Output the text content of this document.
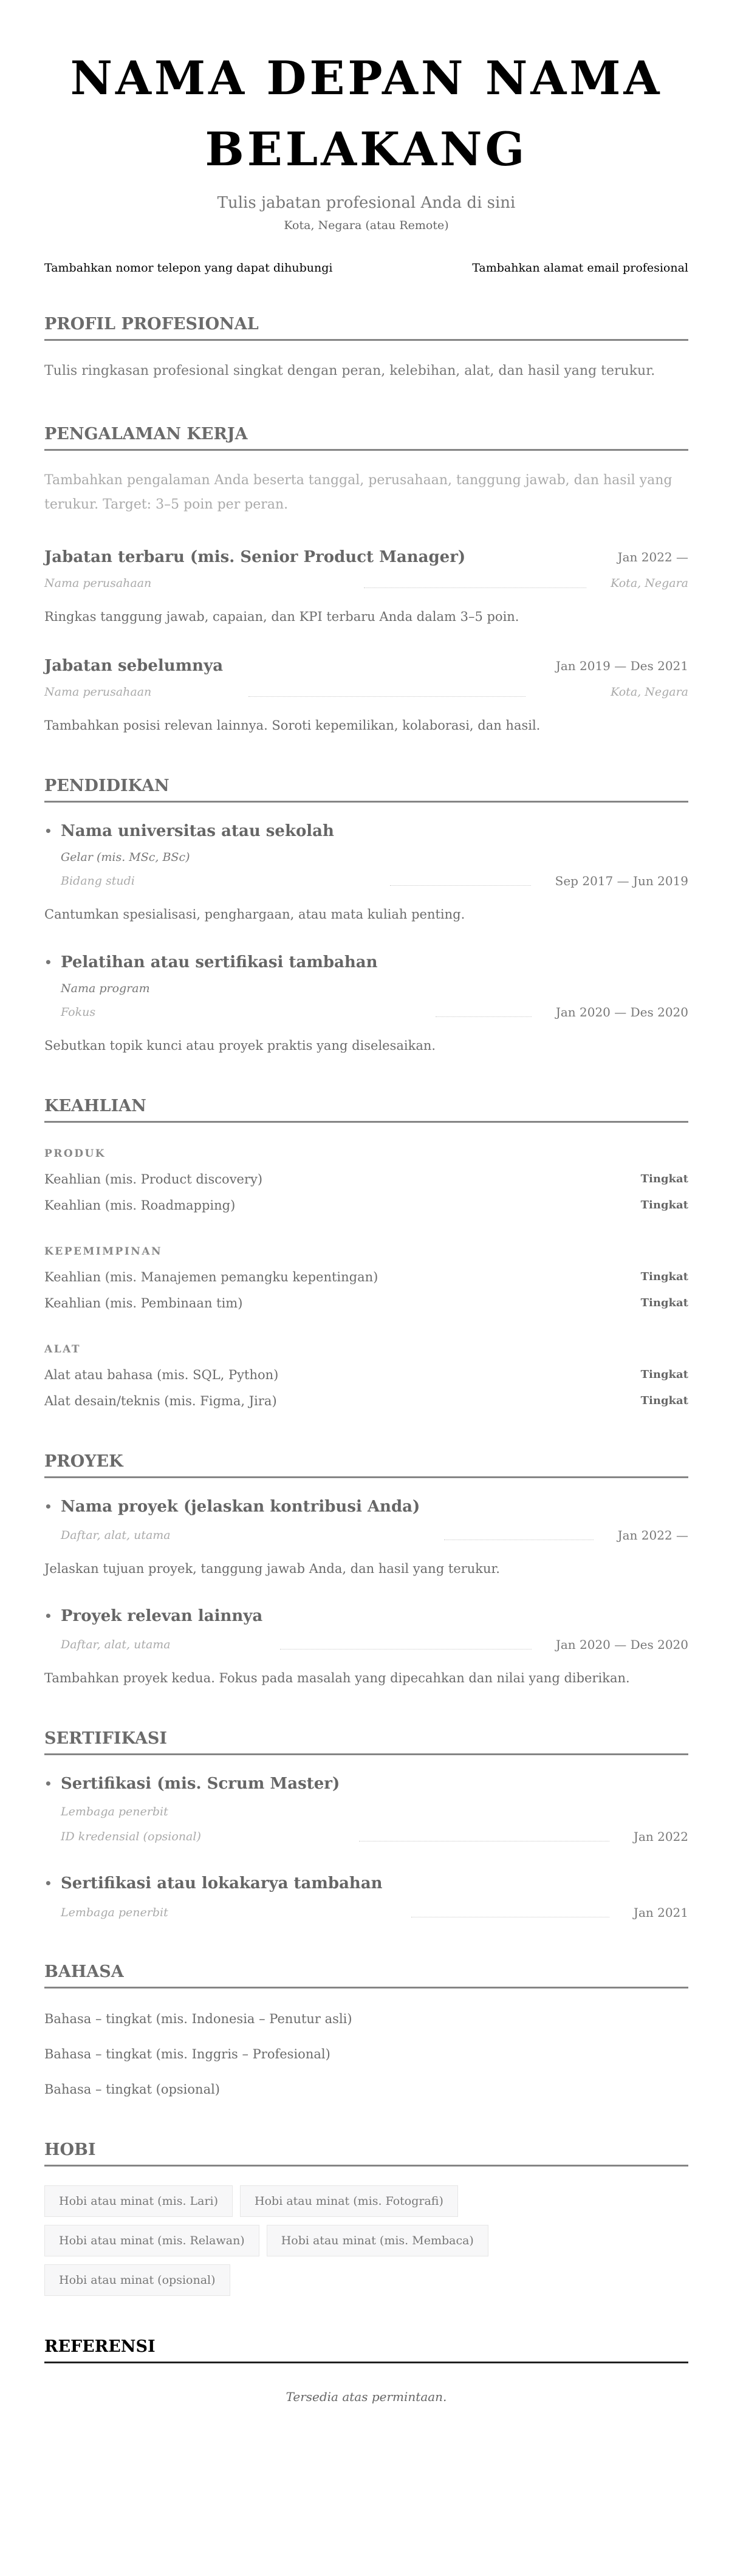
NAMA DEPAN NAMA BELAKANG
Tulis jabatan profesional Anda di sini
Kota, Negara (atau Remote)
Tambahkan nomor telepon yang dapat dihubungi	Tambahkan alamat email profesional
PROFIL PROFESIONAL
Tulis ringkasan profesional singkat dengan peran, kelebihan, alat, dan hasil yang terukur.
PENGALAMAN KERJA
Tambahkan pengalaman Anda beserta tanggal, perusahaan, tanggung jawab, dan hasil yang terukur. Target: 3–5 poin per peran.
Jabatan terbaru (mis. Senior Product Manager)	Jan 2022 —
Nama perusahaan	Kota, Negara
Ringkas tanggung jawab, capaian, dan KPI terbaru Anda dalam 3–5 poin.
Jabatan sebelumnya	Jan 2019 — Des 2021
Nama perusahaan	Kota, Negara
Tambahkan posisi relevan lainnya. Soroti kepemilikan, kolaborasi, dan hasil.
PENDIDIKAN
• Nama universitas atau sekolah
Gelar (mis. MSc, BSc)
Bidang studi	Sep 2017 — Jun 2019
Cantumkan spesialisasi, penghargaan, atau mata kuliah penting.
• Pelatihan atau sertifikasi tambahan
Nama program
Fokus	Jan 2020 — Des 2020
Sebutkan topik kunci atau proyek praktis yang diselesaikan.
KEAHLIAN
PRODUK
Keahlian (mis. Product discovery)	Tingkat
Keahlian (mis. Roadmapping)	Tingkat
KEPEMIMPINAN
Keahlian (mis. Manajemen pemangku kepentingan)	Tingkat
Keahlian (mis. Pembinaan tim)	Tingkat
ALAT
Alat atau bahasa (mis. SQL, Python)	Tingkat
Alat desain/teknis (mis. Figma, Jira)	Tingkat
PROYEK
• Nama proyek (jelaskan kontribusi Anda)
Daftar, alat, utama	Jan 2022 —
Jelaskan tujuan proyek, tanggung jawab Anda, dan hasil yang terukur.
• Proyek relevan lainnya
Daftar, alat, utama	Jan 2020 — Des 2020
Tambahkan proyek kedua. Fokus pada masalah yang dipecahkan dan nilai yang diberikan.
SERTIFIKASI
• Sertifikasi (mis. Scrum Master)
Lembaga penerbit
ID kredensial (opsional)	Jan 2022
• Sertifikasi atau lokakarya tambahan
Lembaga penerbit	Jan 2021
BAHASA
Bahasa – tingkat (mis. Indonesia – Penutur asli)
Bahasa – tingkat (mis. Inggris – Profesional)
Bahasa – tingkat (opsional)
HOBI
Hobi atau minat (mis. Lari)	Hobi atau minat (mis. Fotografi)
Hobi atau minat (mis. Relawan)	Hobi atau minat (mis. Membaca)
Hobi atau minat (opsional)
REFERENSI
Tersedia atas permintaan.
